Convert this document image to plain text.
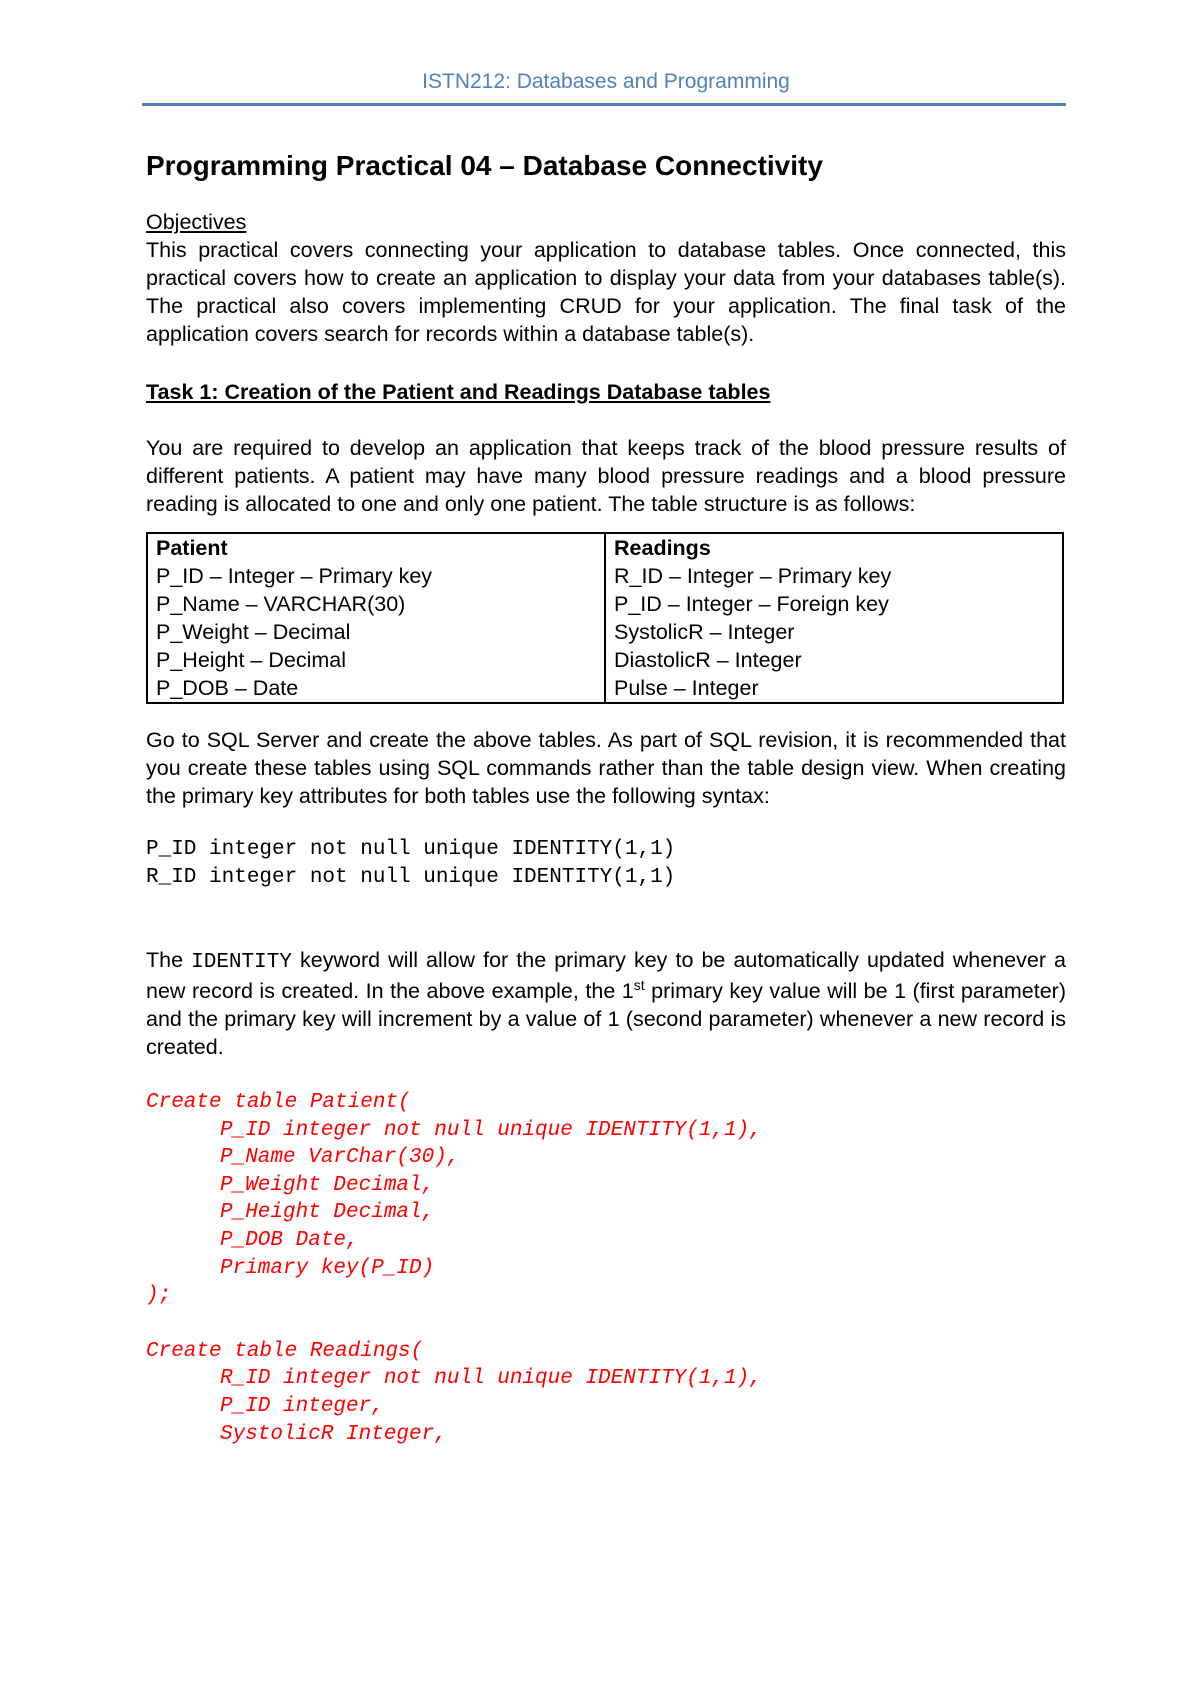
ISTN212: Databases and Programming
Programming Practical 04 – Database Connectivity
Objectives

This practical covers connecting your application to database tables. Once connected, this practical covers how to create an application to display your data from your databases table(s). The practical also covers implementing CRUD for your application. The final task of the application covers search for records within a database table(s).

Task 1: Creation of the Patient and Readings Database tables

You are required to develop an application that keeps track of the blood pressure results of different patients. A patient may have many blood pressure readings and a blood pressure reading is allocated to one and only one patient. The table structure is as follows:

Patient	Readings
P_ID – Integer – Primary key	R_ID – Integer – Primary key
P_Name – VARCHAR(30)	P_ID – Integer – Foreign key
P_Weight – Decimal	SystolicR – Integer
P_Height – Decimal	DiastolicR – Integer
P_DOB – Date	Pulse – Integer

Go to SQL Server and create the above tables. As part of SQL revision, it is recommended that you create these tables using SQL commands rather than the table design view. When creating the primary key attributes for both tables use the following syntax:

P_ID integer not null unique IDENTITY(1,1)
R_ID integer not null unique IDENTITY(1,1)

The IDENTITY keyword will allow for the primary key to be automatically updated whenever a new record is created. In the above example, the 1st primary key value will be 1 (first parameter) and the primary key will increment by a value of 1 (second parameter) whenever a new record is created.

Create table Patient(
P_ID integer not null unique IDENTITY(1,1),
P_Name VarChar(30),
P_Weight Decimal,
P_Height Decimal,
P_DOB Date,
Primary key(P_ID)
);
Create table Readings(
R_ID integer not null unique IDENTITY(1,1),
P_ID integer,
SystolicR Integer,
